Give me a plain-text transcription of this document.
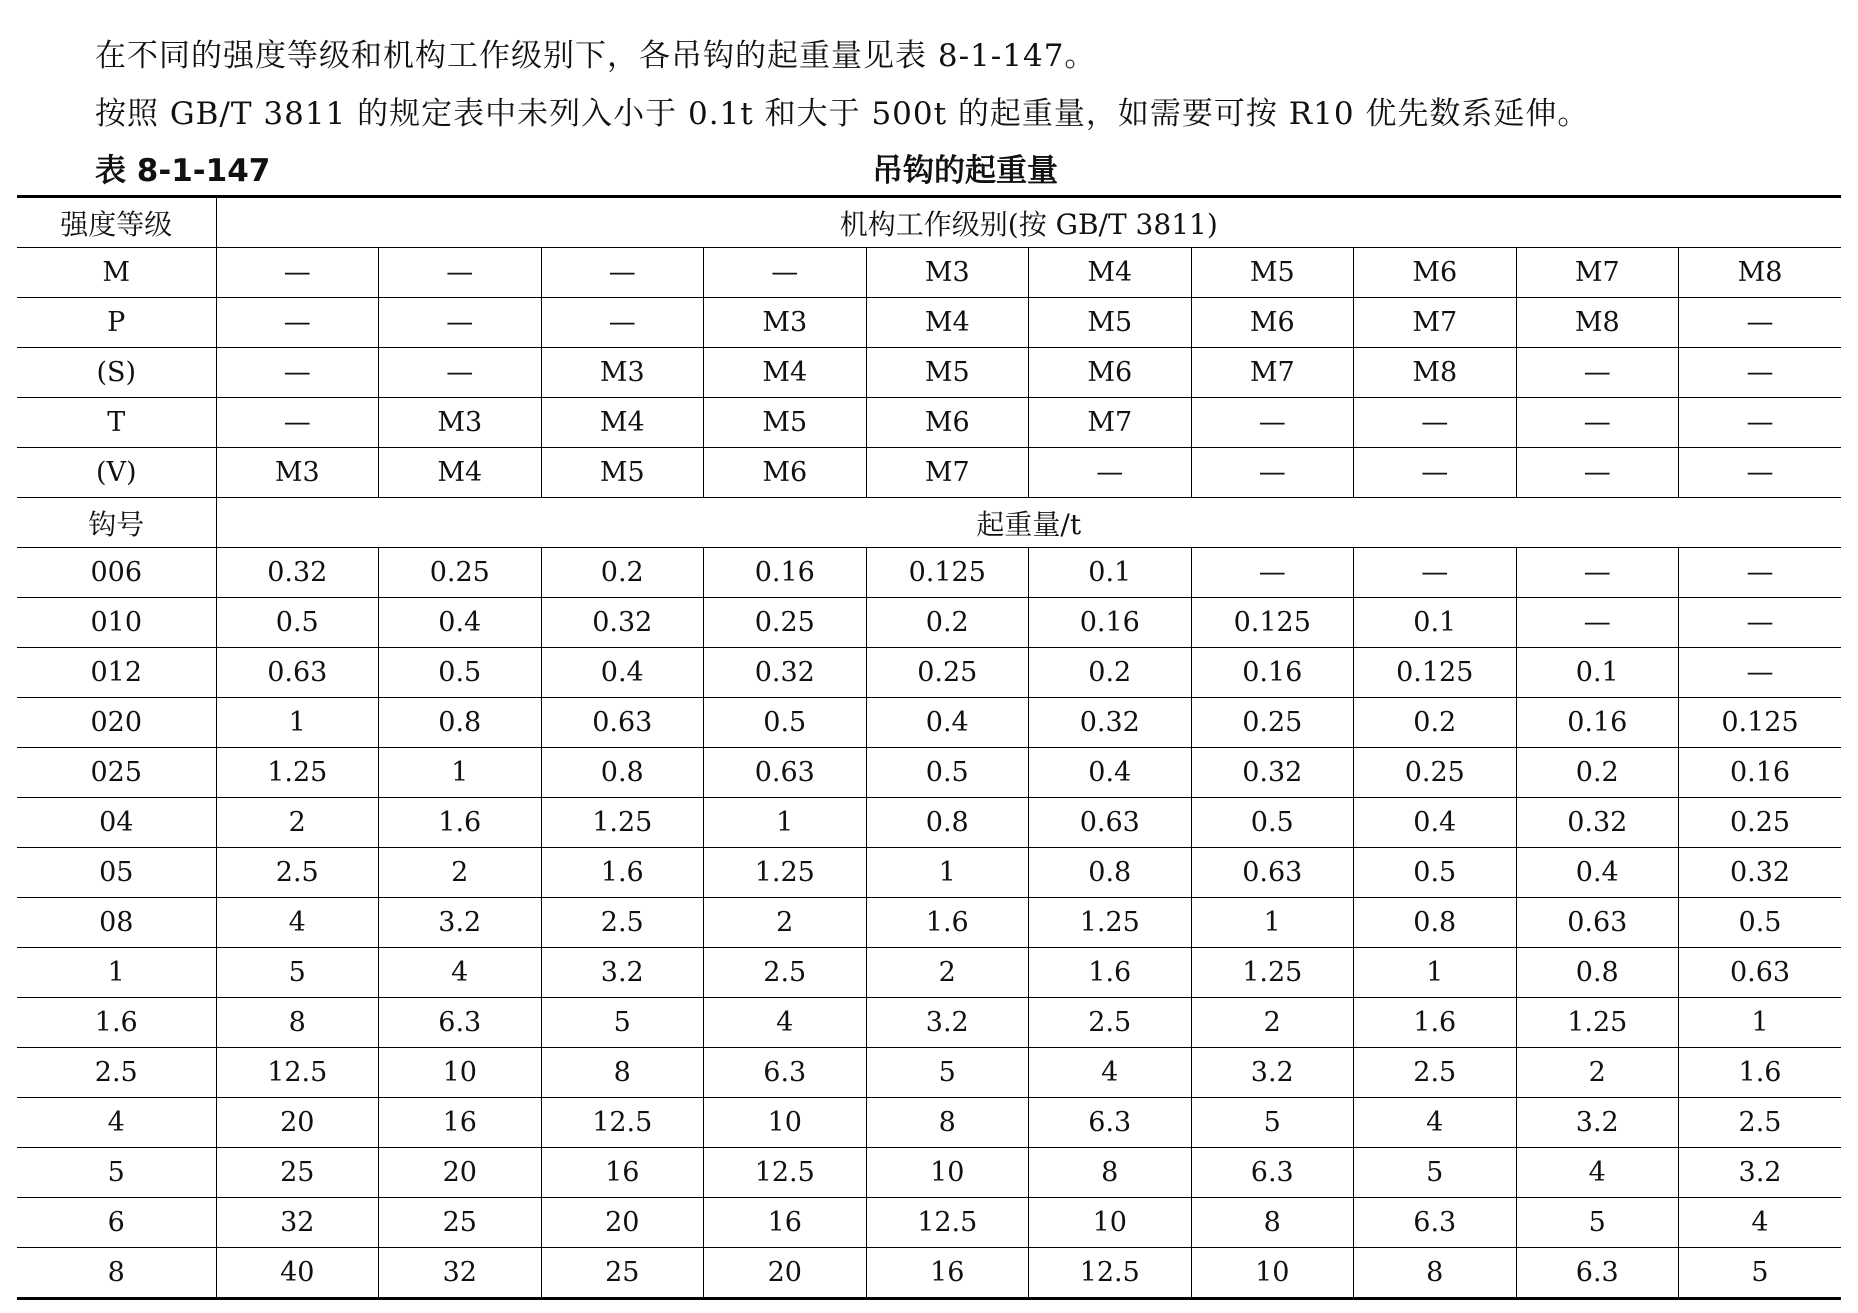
在不同的强度等级和机构工作级别下，各吊钩的起重量见表 8-1-147。
按照 GB/T 3811 的规定表中未列入小于 0.1t 和大于 500t 的起重量，如需要可按 R10 优先数系延伸。
表 8-1-147	吊钩的起重量
强度等级	机构工作级别(按 GB/T 3811)									
M	—	—	—	—	M3	M4	M5	M6	M7	M8
P	—	—	—	M3	M4	M5	M6	M7	M8	—
(S)	—	—	M3	M4	M5	M6	M7	M8	—	—
T	—	M3	M4	M5	M6	M7	—	—	—	—
(V)	M3	M4	M5	M6	M7	—	—	—	—	—
钩号	起重量/t									
006	0.32	0.25	0.2	0.16	0.125	0.1	—	—	—	—
010	0.5	0.4	0.32	0.25	0.2	0.16	0.125	0.1	—	—
012	0.63	0.5	0.4	0.32	0.25	0.2	0.16	0.125	0.1	—
020	1	0.8	0.63	0.5	0.4	0.32	0.25	0.2	0.16	0.125
025	1.25	1	0.8	0.63	0.5	0.4	0.32	0.25	0.2	0.16
04	2	1.6	1.25	1	0.8	0.63	0.5	0.4	0.32	0.25
05	2.5	2	1.6	1.25	1	0.8	0.63	0.5	0.4	0.32
08	4	3.2	2.5	2	1.6	1.25	1	0.8	0.63	0.5
1	5	4	3.2	2.5	2	1.6	1.25	1	0.8	0.63
1.6	8	6.3	5	4	3.2	2.5	2	1.6	1.25	1
2.5	12.5	10	8	6.3	5	4	3.2	2.5	2	1.6
4	20	16	12.5	10	8	6.3	5	4	3.2	2.5
5	25	20	16	12.5	10	8	6.3	5	4	3.2
6	32	25	20	16	12.5	10	8	6.3	5	4
8	40	32	25	20	16	12.5	10	8	6.3	5
